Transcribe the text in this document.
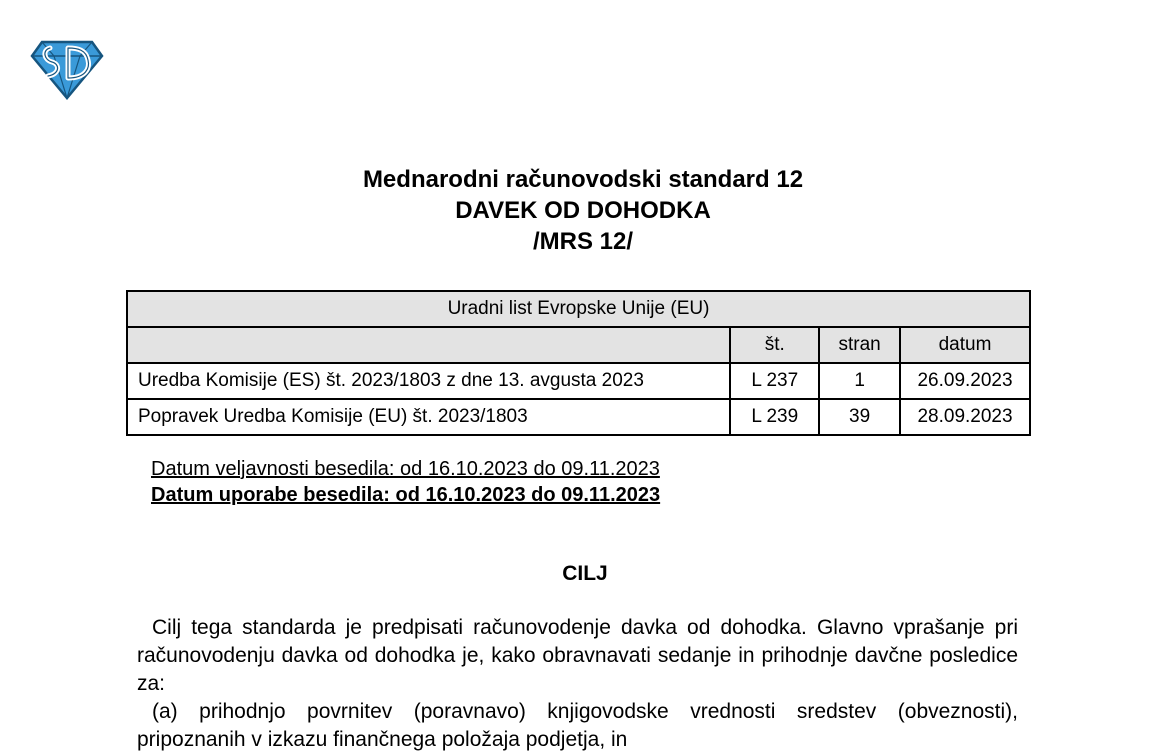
Mednarodni računovodski standard 12
DAVEK OD DOHODKA
/MRS 12/
Uradni list Evropske Unije (EU)			
	št.	stran	datum
Uredba Komisije (ES) št. 2023/1803 z dne 13. avgusta 2023	L 237	1	26.09.2023
Popravek Uredba Komisije (EU) št. 2023/1803	L 239	39	28.09.2023
Datum veljavnosti besedila: od 16.10.2023 do 09.11.2023
Datum uporabe besedila: od 16.10.2023 do 09.11.2023
CILJ

Cilj tega standarda je predpisati računovodenje davka od dohodka. Glavno vprašanje pri računovodenju davka od dohodka je, kako obravnavati sedanje in prihodnje davčne posledice za:

(a) prihodnjo povrnitev (poravnavo) knjigovodske vrednosti sredstev (obveznosti), pripoznanih v izkazu finančnega položaja podjetja, in
